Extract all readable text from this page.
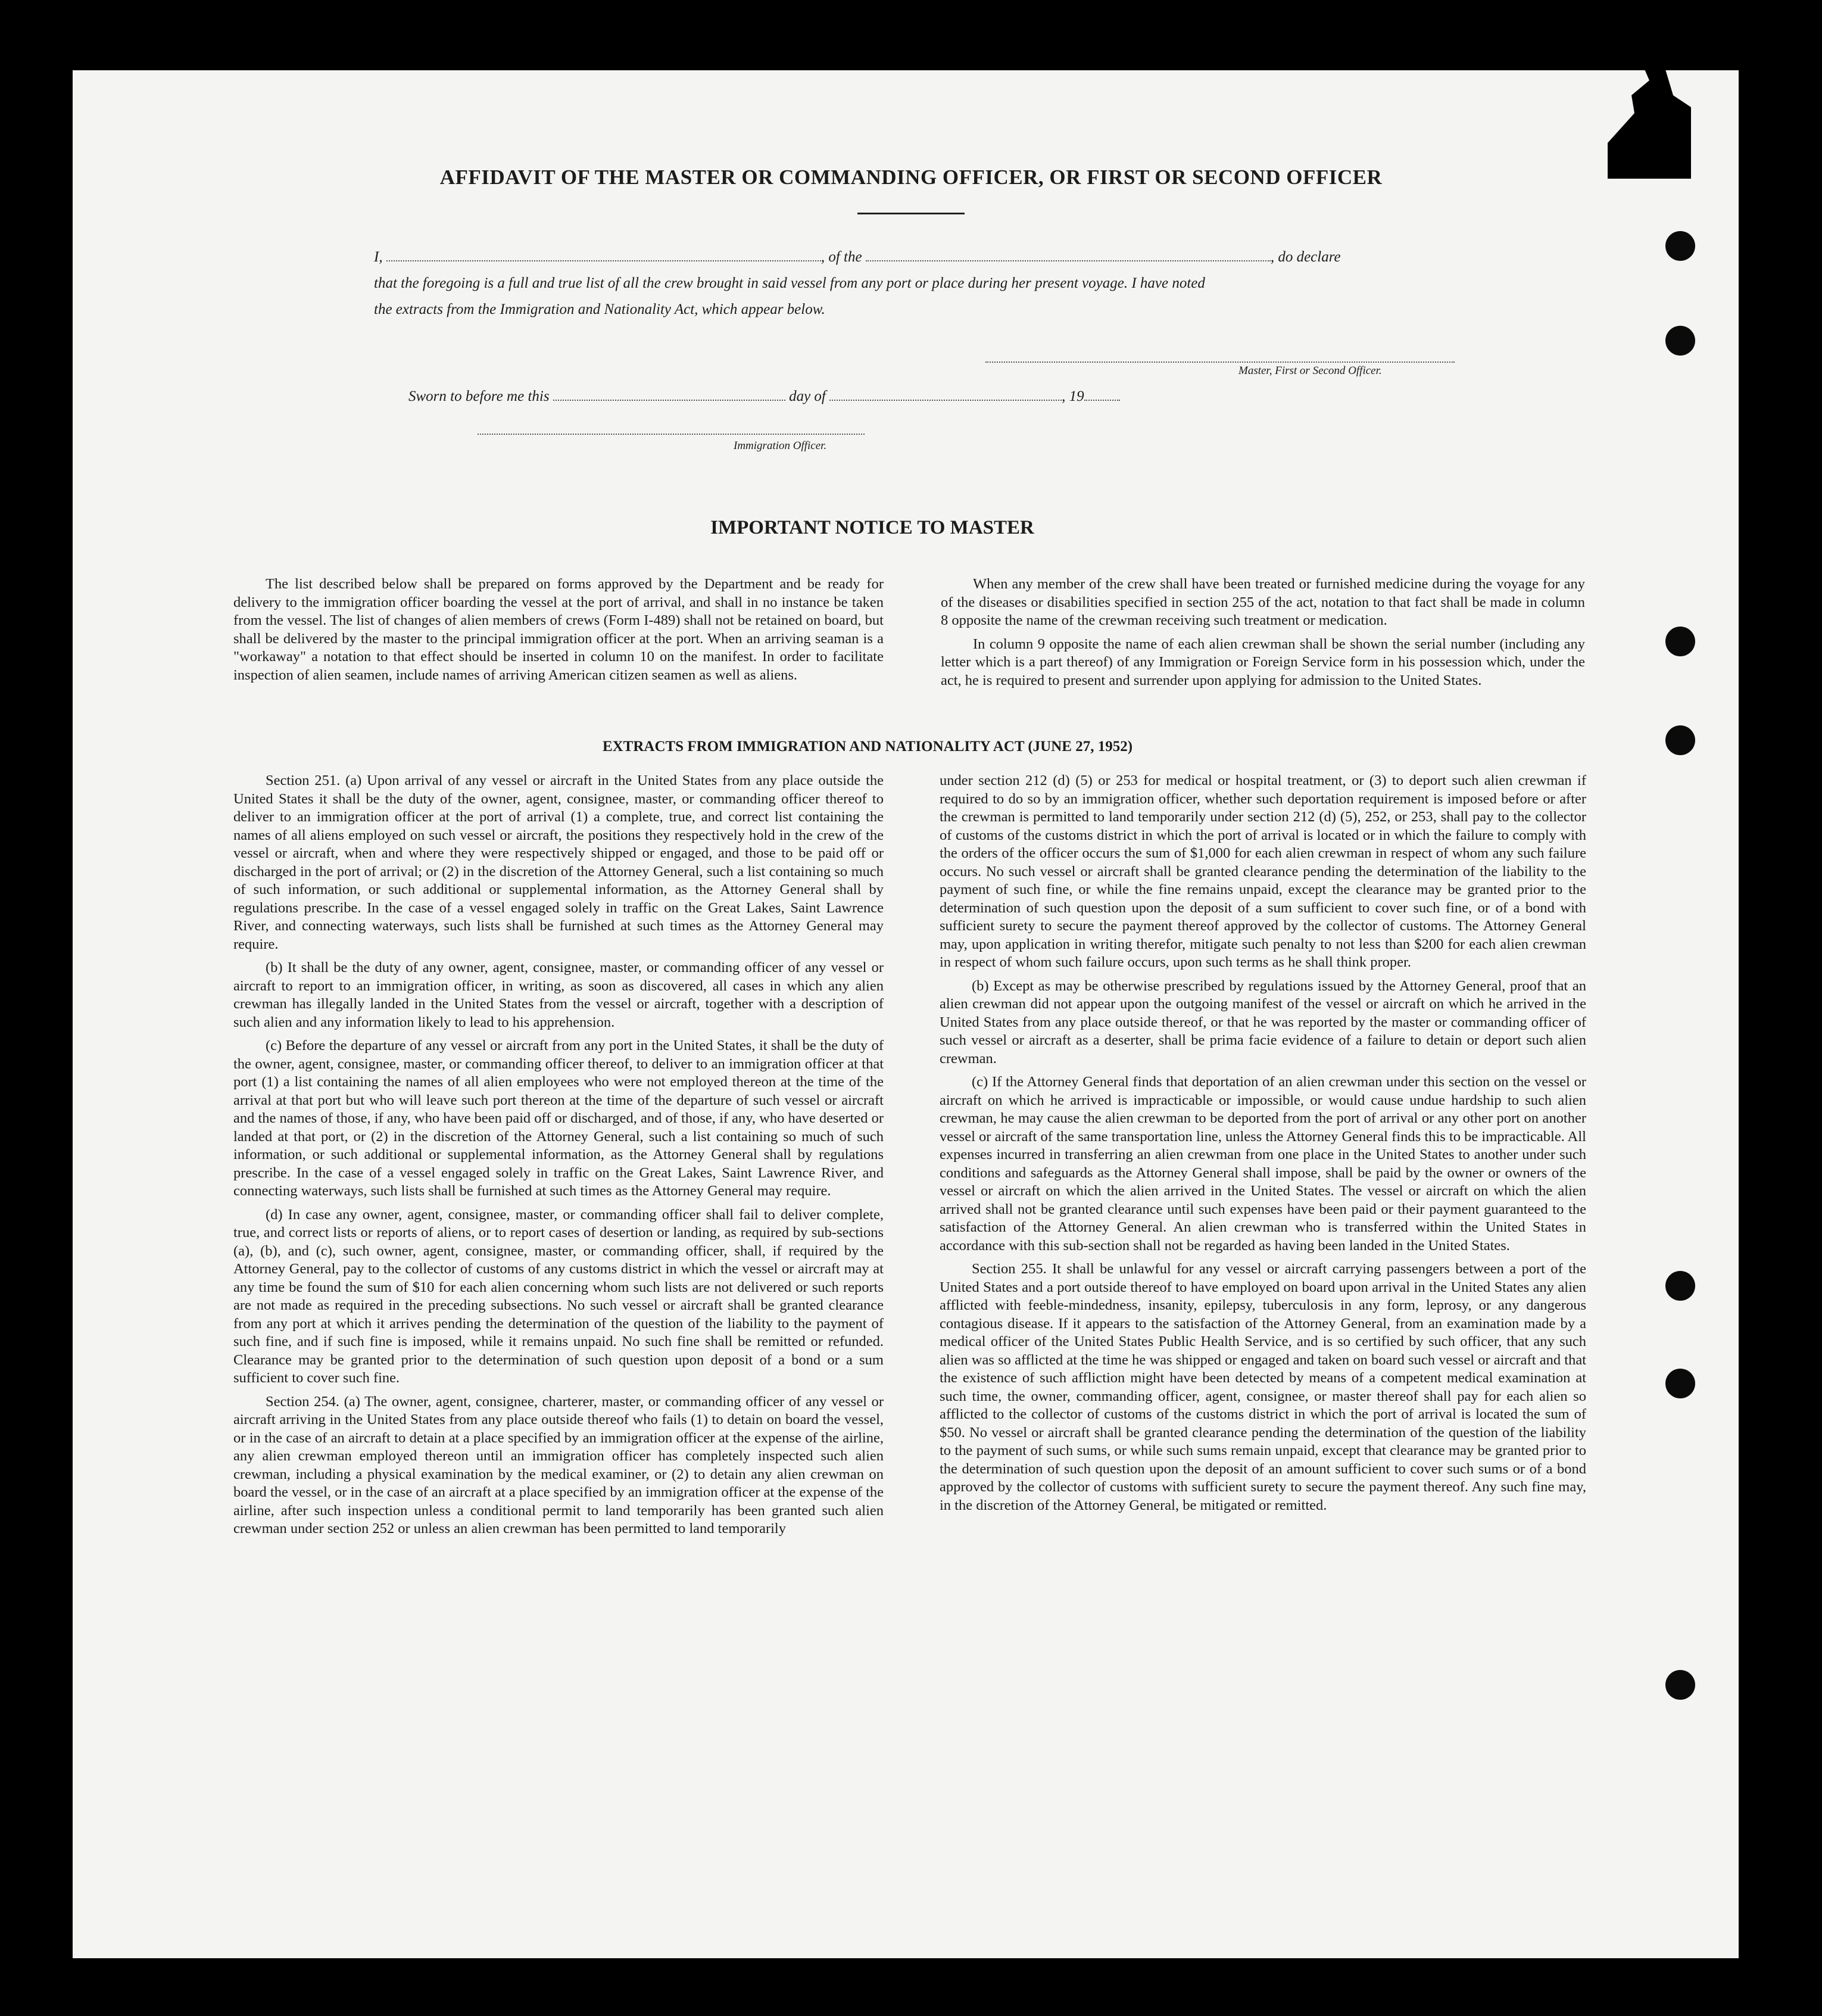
AFFIDAVIT OF THE MASTER OR COMMANDING OFFICER, OR FIRST OR SECOND OFFICER
I,	, of the	, do declare
that the foregoing is a full and true list of all the crew brought in said vessel from any port or place during her present voyage. I have noted
the extracts from the Immigration and Nationality Act, which appear below.
Master, First or Second Officer.
Sworn to before me this	day of	, 19
Immigration Officer.
IMPORTANT NOTICE TO MASTER

The list described below shall be prepared on forms approved by the Department and be ready for delivery to the immigration officer boarding the vessel at the port of arrival, and shall in no instance be taken from the vessel. The list of changes of alien members of crews (Form I-489) shall not be retained on board, but shall be delivered by the master to the principal immigration officer at the port. When an arriving seaman is a "workaway" a notation to that effect should be inserted in column 10 on the manifest. In order to facilitate inspection of alien seamen, include names of arriving American citizen seamen as well as aliens.

When any member of the crew shall have been treated or furnished medicine during the voyage for any of the diseases or disabilities specified in section 255 of the act, notation to that fact shall be made in column 8 opposite the name of the crewman receiving such treatment or medication.

In column 9 opposite the name of each alien crewman shall be shown the serial number (including any letter which is a part thereof) of any Immigration or Foreign Service form in his possession which, under the act, he is required to present and surrender upon applying for admission to the United States.

EXTRACTS FROM IMMIGRATION AND NATIONALITY ACT (JUNE 27, 1952)

Section 251. (a) Upon arrival of any vessel or aircraft in the United States from any place outside the United States it shall be the duty of the owner, agent, consignee, master, or commanding officer thereof to deliver to an immigration officer at the port of arrival (1) a complete, true, and correct list containing the names of all aliens employed on such vessel or aircraft, the positions they respectively hold in the crew of the vessel or aircraft, when and where they were respectively shipped or engaged, and those to be paid off or discharged in the port of arrival; or (2) in the discretion of the Attorney General, such a list containing so much of such information, or such additional or supplemental information, as the Attorney General shall by regulations prescribe. In the case of a vessel engaged solely in traffic on the Great Lakes, Saint Lawrence River, and connecting waterways, such lists shall be furnished at such times as the Attorney General may require.

(b) It shall be the duty of any owner, agent, consignee, master, or commanding officer of any vessel or aircraft to report to an immigration officer, in writing, as soon as discovered, all cases in which any alien crewman has illegally landed in the United States from the vessel or aircraft, together with a description of such alien and any information likely to lead to his apprehension.

(c) Before the departure of any vessel or aircraft from any port in the United States, it shall be the duty of the owner, agent, consignee, master, or commanding officer thereof, to deliver to an immigration officer at that port (1) a list containing the names of all alien employees who were not employed thereon at the time of the arrival at that port but who will leave such port thereon at the time of the departure of such vessel or aircraft and the names of those, if any, who have been paid off or discharged, and of those, if any, who have deserted or landed at that port, or (2) in the discretion of the Attorney General, such a list containing so much of such information, or such additional or supplemental information, as the Attorney General shall by regulations prescribe. In the case of a vessel engaged solely in traffic on the Great Lakes, Saint Lawrence River, and connecting waterways, such lists shall be furnished at such times as the Attorney General may require.

(d) In case any owner, agent, consignee, master, or commanding officer shall fail to deliver complete, true, and correct lists or reports of aliens, or to report cases of desertion or landing, as required by sub-sections (a), (b), and (c), such owner, agent, consignee, master, or commanding officer, shall, if required by the Attorney General, pay to the collector of customs of any customs district in which the vessel or aircraft may at any time be found the sum of $10 for each alien concerning whom such lists are not delivered or such reports are not made as required in the preceding subsections. No such vessel or aircraft shall be granted clearance from any port at which it arrives pending the determination of the question of the liability to the payment of such fine, and if such fine is imposed, while it remains unpaid. No such fine shall be remitted or refunded. Clearance may be granted prior to the determination of such question upon deposit of a bond or a sum sufficient to cover such fine.

Section 254. (a) The owner, agent, consignee, charterer, master, or commanding officer of any vessel or aircraft arriving in the United States from any place outside thereof who fails (1) to detain on board the vessel, or in the case of an aircraft to detain at a place specified by an immigration officer at the expense of the airline, any alien crewman employed thereon until an immigration officer has completely inspected such alien crewman, including a physical examination by the medical examiner, or (2) to detain any alien crewman on board the vessel, or in the case of an aircraft at a place specified by an immigration officer at the expense of the airline, after such inspection unless a conditional permit to land temporarily has been granted such alien crewman under section 252 or unless an alien crewman has been permitted to land temporarily

under section 212 (d) (5) or 253 for medical or hospital treatment, or (3) to deport such alien crewman if required to do so by an immigration officer, whether such deportation requirement is imposed before or after the crewman is permitted to land temporarily under section 212 (d) (5), 252, or 253, shall pay to the collector of customs of the customs district in which the port of arrival is located or in which the failure to comply with the orders of the officer occurs the sum of $1,000 for each alien crewman in respect of whom any such failure occurs. No such vessel or aircraft shall be granted clearance pending the determination of the liability to the payment of such fine, or while the fine remains unpaid, except the clearance may be granted prior to the determination of such question upon the deposit of a sum sufficient to cover such fine, or of a bond with sufficient surety to secure the payment thereof approved by the collector of customs. The Attorney General may, upon application in writing therefor, mitigate such penalty to not less than $200 for each alien crewman in respect of whom such failure occurs, upon such terms as he shall think proper.

(b) Except as may be otherwise prescribed by regulations issued by the Attorney General, proof that an alien crewman did not appear upon the outgoing manifest of the vessel or aircraft on which he arrived in the United States from any place outside thereof, or that he was reported by the master or commanding officer of such vessel or aircraft as a deserter, shall be prima facie evidence of a failure to detain or deport such alien crewman.

(c) If the Attorney General finds that deportation of an alien crewman under this section on the vessel or aircraft on which he arrived is impracticable or impossible, or would cause undue hardship to such alien crewman, he may cause the alien crewman to be deported from the port of arrival or any other port on another vessel or aircraft of the same transportation line, unless the Attorney General finds this to be impracticable. All expenses incurred in transferring an alien crewman from one place in the United States to another under such conditions and safeguards as the Attorney General shall impose, shall be paid by the owner or owners of the vessel or aircraft on which the alien arrived in the United States. The vessel or aircraft on which the alien arrived shall not be granted clearance until such expenses have been paid or their payment guaranteed to the satisfaction of the Attorney General. An alien crewman who is transferred within the United States in accordance with this sub-section shall not be regarded as having been landed in the United States.

Section 255. It shall be unlawful for any vessel or aircraft carrying passengers between a port of the United States and a port outside thereof to have employed on board upon arrival in the United States any alien afflicted with feeble-mindedness, insanity, epilepsy, tuberculosis in any form, leprosy, or any dangerous contagious disease. If it appears to the satisfaction of the Attorney General, from an examination made by a medical officer of the United States Public Health Service, and is so certified by such officer, that any such alien was so afflicted at the time he was shipped or engaged and taken on board such vessel or aircraft and that the existence of such affliction might have been detected by means of a competent medical examination at such time, the owner, commanding officer, agent, consignee, or master thereof shall pay for each alien so afflicted to the collector of customs of the customs district in which the port of arrival is located the sum of $50. No vessel or aircraft shall be granted clearance pending the determination of the question of the liability to the payment of such sums, or while such sums remain unpaid, except that clearance may be granted prior to the determination of such question upon the deposit of an amount sufficient to cover such sums or of a bond approved by the collector of customs with sufficient surety to secure the payment thereof. Any such fine may, in the discretion of the Attorney General, be mitigated or remitted.
